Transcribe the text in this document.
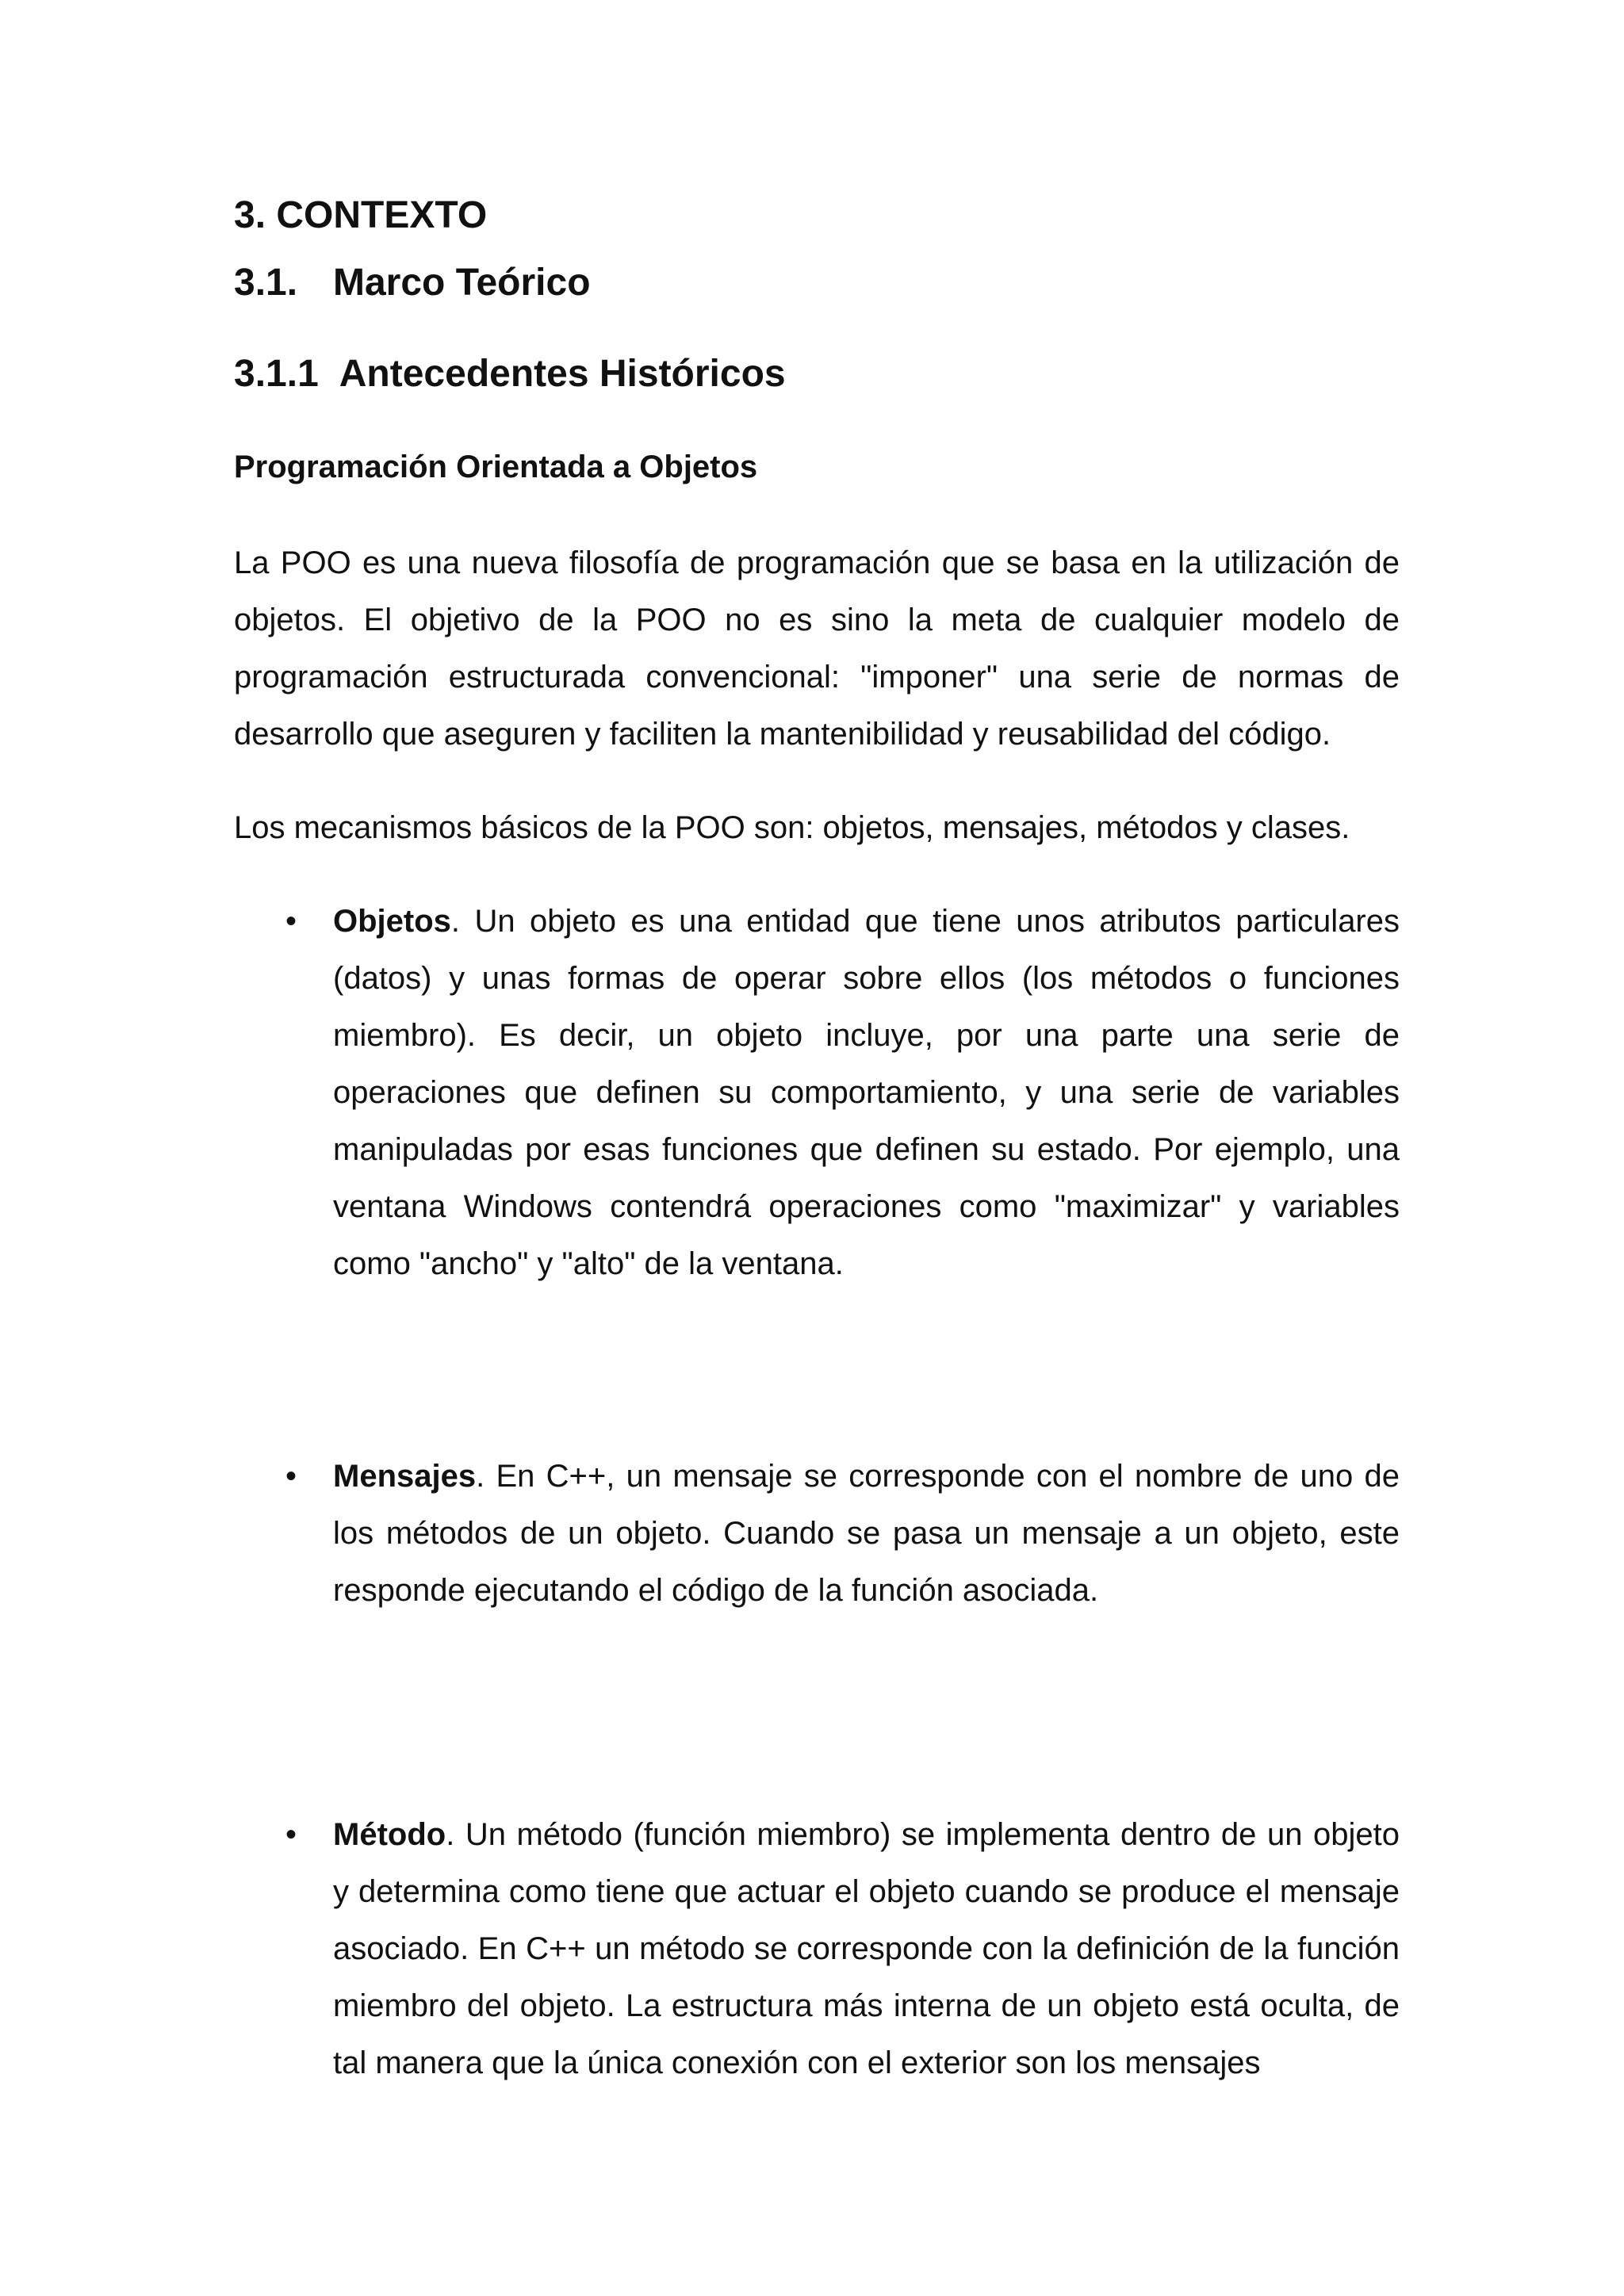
3. CONTEXTO
3.1. Marco Teórico
3.1.1 Antecedentes Históricos
Programación Orientada a Objetos

La POO es una nueva filosofía de programación que se basa en la utilización de objetos. El objetivo de la POO no es sino la meta de cualquier modelo de programación estructurada convencional: "imponer" una serie de normas de desarrollo que aseguren y faciliten la mantenibilidad y reusabilidad del código.

Los mecanismos básicos de la POO son: objetos, mensajes, métodos y clases.

• Objetos. Un objeto es una entidad que tiene unos atributos particulares (datos) y unas formas de operar sobre ellos (los métodos o funciones miembro). Es decir, un objeto incluye, por una parte una serie de operaciones que definen su comportamiento, y una serie de variables manipuladas por esas funciones que definen su estado. Por ejemplo, una ventana Windows contendrá operaciones como "maximizar" y variables como "ancho" y "alto" de la ventana.
• Mensajes. En C++, un mensaje se corresponde con el nombre de uno de los métodos de un objeto. Cuando se pasa un mensaje a un objeto, este responde ejecutando el código de la función asociada.
• Método. Un método (función miembro) se implementa dentro de un objeto y determina como tiene que actuar el objeto cuando se produce el mensaje asociado. En C++ un método se corresponde con la definición de la función miembro del objeto. La estructura más interna de un objeto está oculta, de tal manera que la única conexión con el exterior son los mensajes
